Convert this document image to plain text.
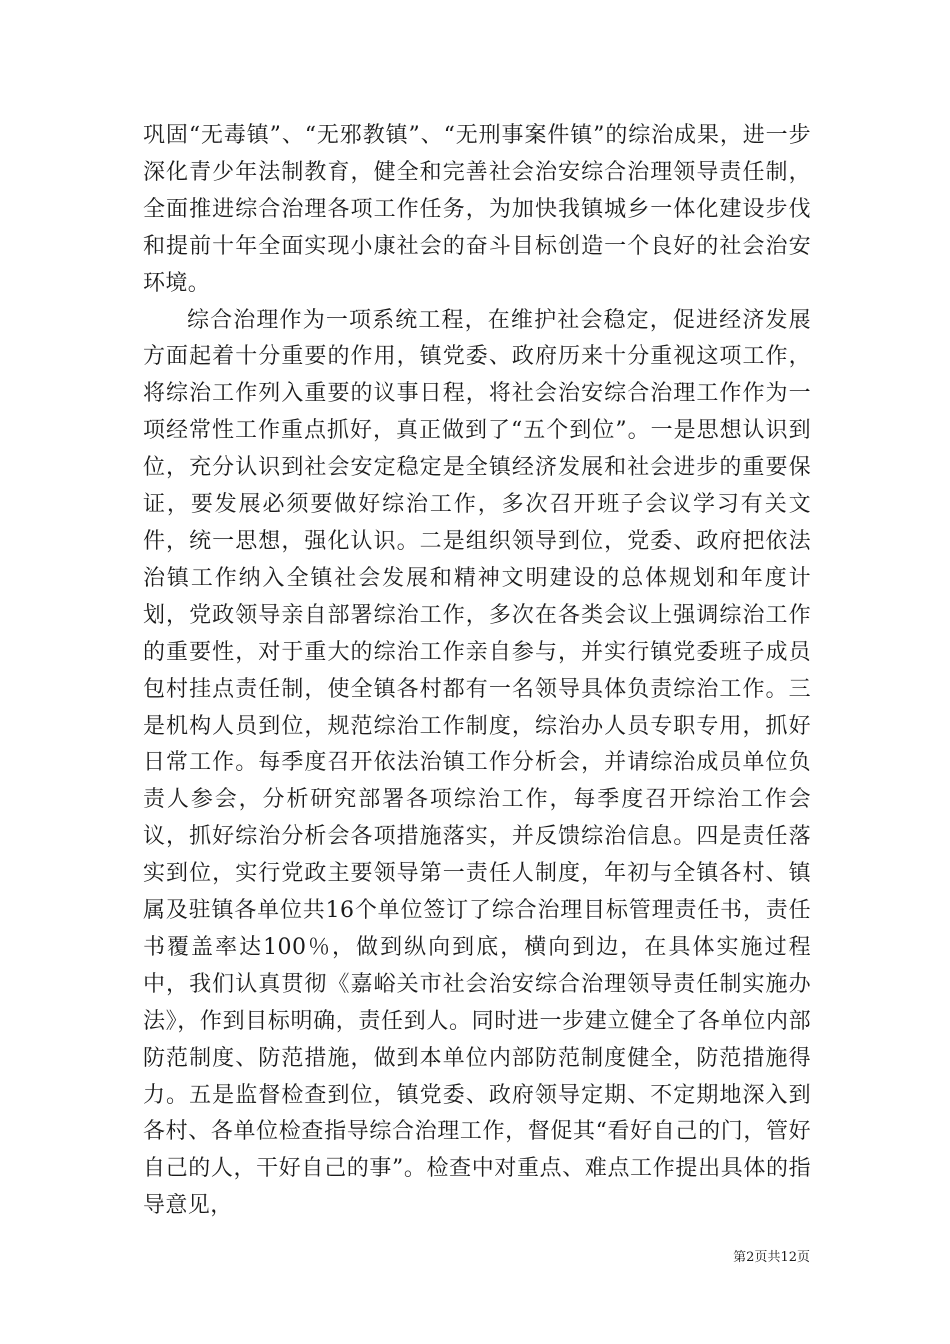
巩固“无毒镇”、“无邪教镇”、“无刑事案件镇”的综治成果，进一步深化青少年法制教育，健全和完善社会治安综合治理领导责任制，全面推进综合治理各项工作任务，为加快我镇城乡一体化建设步伐和提前十年全面实现小康社会的奋斗目标创造一个良好的社会治安环境。

综合治理作为一项系统工程，在维护社会稳定，促进经济发展方面起着十分重要的作用，镇党委、政府历来十分重视这项工作，将综治工作列入重要的议事日程，将社会治安综合治理工作作为一项经常性工作重点抓好，真正做到了“五个到位”。一是思想认识到位，充分认识到社会安定稳定是全镇经济发展和社会进步的重要保证，要发展必须要做好综治工作，多次召开班子会议学习有关文件，统一思想，强化认识。二是组织领导到位，党委、政府把依法治镇工作纳入全镇社会发展和精神文明建设的总体规划和年度计划，党政领导亲自部署综治工作，多次在各类会议上强调综治工作的重要性，对于重大的综治工作亲自参与，并实行镇党委班子成员包村挂点责任制，使全镇各村都有一名领导具体负责综治工作。三是机构人员到位，规范综治工作制度，综治办人员专职专用，抓好日常工作。每季度召开依法治镇工作分析会，并请综治成员单位负责人参会，分析研究部署各项综治工作，每季度召开综治工作会议，抓好综治分析会各项措施落实，并反馈综治信息。四是责任落实到位，实行党政主要领导第一责任人制度，年初与全镇各村、镇属及驻镇各单位共16个单位签订了综合治理目标管理责任书，责任书覆盖率达100％，做到纵向到底，横向到边，在具体实施过程中，我们认真贯彻《嘉峪关市社会治安综合治理领导责任制实施办法》，作到目标明确，责任到人。同时进一步建立健全了各单位内部防范制度、防范措施，做到本单位内部防范制度健全，防范措施得力。五是监督检查到位，镇党委、政府领导定期、不定期地深入到各村、各单位检查指导综合治理工作，督促其“看好自己的门，管好自己的人，干好自己的事”。检查中对重点、难点工作提出具体的指导意见，

第2页共12页
